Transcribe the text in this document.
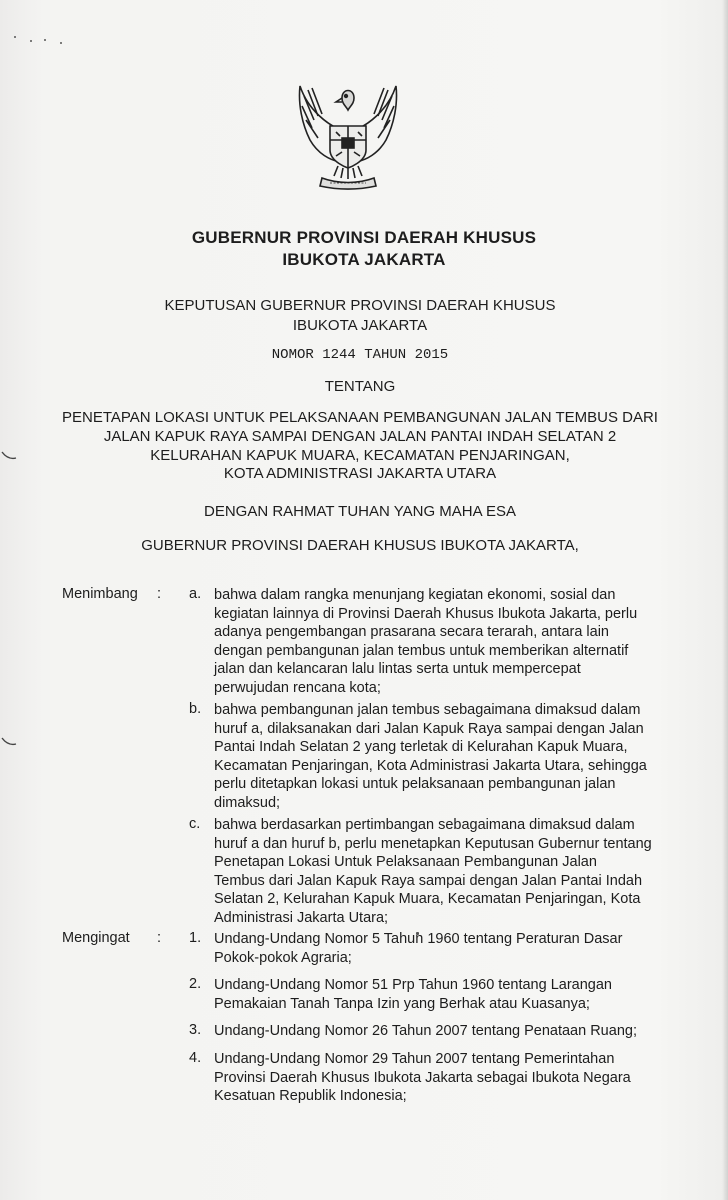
GUBERNUR PROVINSI DAERAH KHUSUS
IBUKOTA JAKARTA
KEPUTUSAN GUBERNUR PROVINSI DAERAH KHUSUS
IBUKOTA JAKARTA
NOMOR 1244 TAHUN 2015
TENTANG
PENETAPAN LOKASI UNTUK PELAKSANAAN PEMBANGUNAN JALAN TEMBUS DARI
JALAN KAPUK RAYA SAMPAI DENGAN JALAN PANTAI INDAH SELATAN 2
KELURAHAN KAPUK MUARA, KECAMATAN PENJARINGAN,
KOTA ADMINISTRASI JAKARTA UTARA
DENGAN RAHMAT TUHAN YANG MAHA ESA
GUBERNUR PROVINSI DAERAH KHUSUS IBUKOTA JAKARTA,
Menimbang : a. bahwa dalam rangka menunjang kegiatan ekonomi, sosial dan
kegiatan lainnya di Provinsi Daerah Khusus Ibukota Jakarta, perlu
adanya pengembangan prasarana secara terarah, antara lain
dengan pembangunan jalan tembus untuk memberikan alternatif
jalan dan kelancaran lalu lintas serta untuk mempercepat
perwujudan rencana kota;
b. bahwa pembangunan jalan tembus sebagaimana dimaksud dalam
huruf a, dilaksanakan dari Jalan Kapuk Raya sampai dengan Jalan
Pantai Indah Selatan 2 yang terletak di Kelurahan Kapuk Muara,
Kecamatan Penjaringan, Kota Administrasi Jakarta Utara, sehingga
perlu ditetapkan lokasi untuk pelaksanaan pembangunan jalan
dimaksud;
c. bahwa berdasarkan pertimbangan sebagaimana dimaksud dalam
huruf a dan huruf b, perlu menetapkan Keputusan Gubernur tentang
Penetapan Lokasi Untuk Pelaksanaan Pembangunan Jalan
Tembus dari Jalan Kapuk Raya sampai dengan Jalan Pantai Indah
Selatan 2, Kelurahan Kapuk Muara, Kecamatan Penjaringan, Kota
Administrasi Jakarta Utara;
Mengingat : 1. Undang-Undang Nomor 5 Tahun 1960 tentang Peraturan Dasar
Pokok-pokok Agraria;
2. Undang-Undang Nomor 51 Prp Tahun 1960 tentang Larangan
Pemakaian Tanah Tanpa Izin yang Berhak atau Kuasanya;
3. Undang-Undang Nomor 26 Tahun 2007 tentang Penataan Ruang;
4. Undang-Undang Nomor 29 Tahun 2007 tentang Pemerintahan
Provinsi Daerah Khusus Ibukota Jakarta sebagai Ibukota Negara
Kesatuan Republik Indonesia;
